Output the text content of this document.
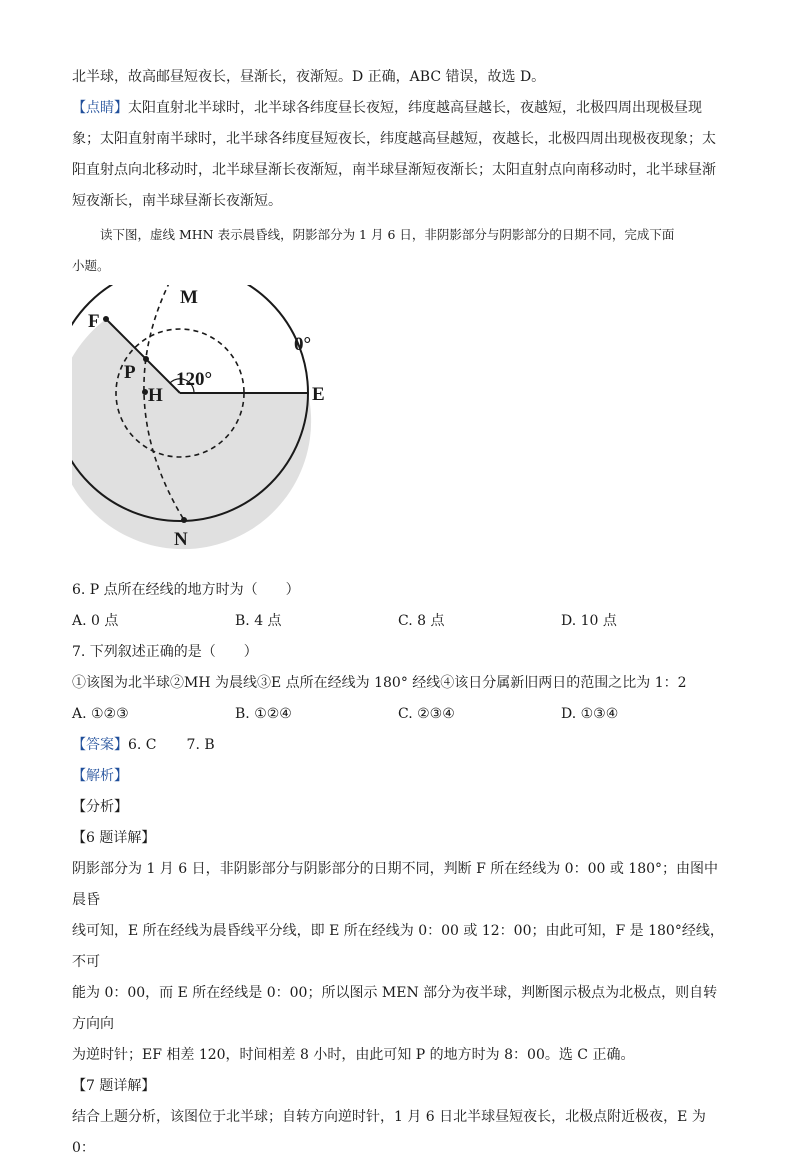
北半球，故高邮昼短夜长，昼渐长，夜渐短。D 正确，ABC 错误，故选 D。

【点睛】太阳直射北半球时，北半球各纬度昼长夜短，纬度越高昼越长，夜越短，北极四周出现极昼现

象；太阳直射南半球时，北半球各纬度昼短夜长，纬度越高昼越短，夜越长，北极四周出现极夜现象；太

阳直射点向北移动时，北半球昼渐长夜渐短，南半球昼渐短夜渐长；太阳直射点向南移动时，北半球昼渐

短夜渐长，南半球昼渐长夜渐短。

读下图，虚线 MHN 表示晨昏线，阴影部分为 1 月 6 日，非阴影部分与阴影部分的日期不同，完成下面

小题。

M
F
0°
P 120°
H	E
N

6. P 点所在经线的地方时为（　　）

A. 0 点	B. 4 点	C. 8 点	D. 10 点

7. 下列叙述正确的是（　　）

①该图为北半球②MH 为晨线③E 点所在经线为 180° 经线④该日分属新旧两日的范围之比为 1：2

A. ①②③	B. ①②④	C. ②③④	D. ①③④

【答案】6. C 7. B

【解析】

【分析】

【6 题详解】

阴影部分为 1 月 6 日，非阴影部分与阴影部分的日期不同，判断 F 所在经线为 0：00 或 180°；由图中晨昏

线可知，E 所在经线为晨昏线平分线，即 E 所在经线为 0：00 或 12：00；由此可知，F 是 180°经线，不可

能为 0：00，而 E 所在经线是 0：00；所以图示 MEN 部分为夜半球，判断图示极点为北极点，则自转方向向

为逆时针；EF 相差 120，时间相差 8 小时，由此可知 P 的地方时为 8：00。选 C 正确。

【7 题详解】

结合上题分析，该图位于北半球；自转方向逆时针，1 月 6 日北半球昼短夜长，北极点附近极夜，E 为 0：
